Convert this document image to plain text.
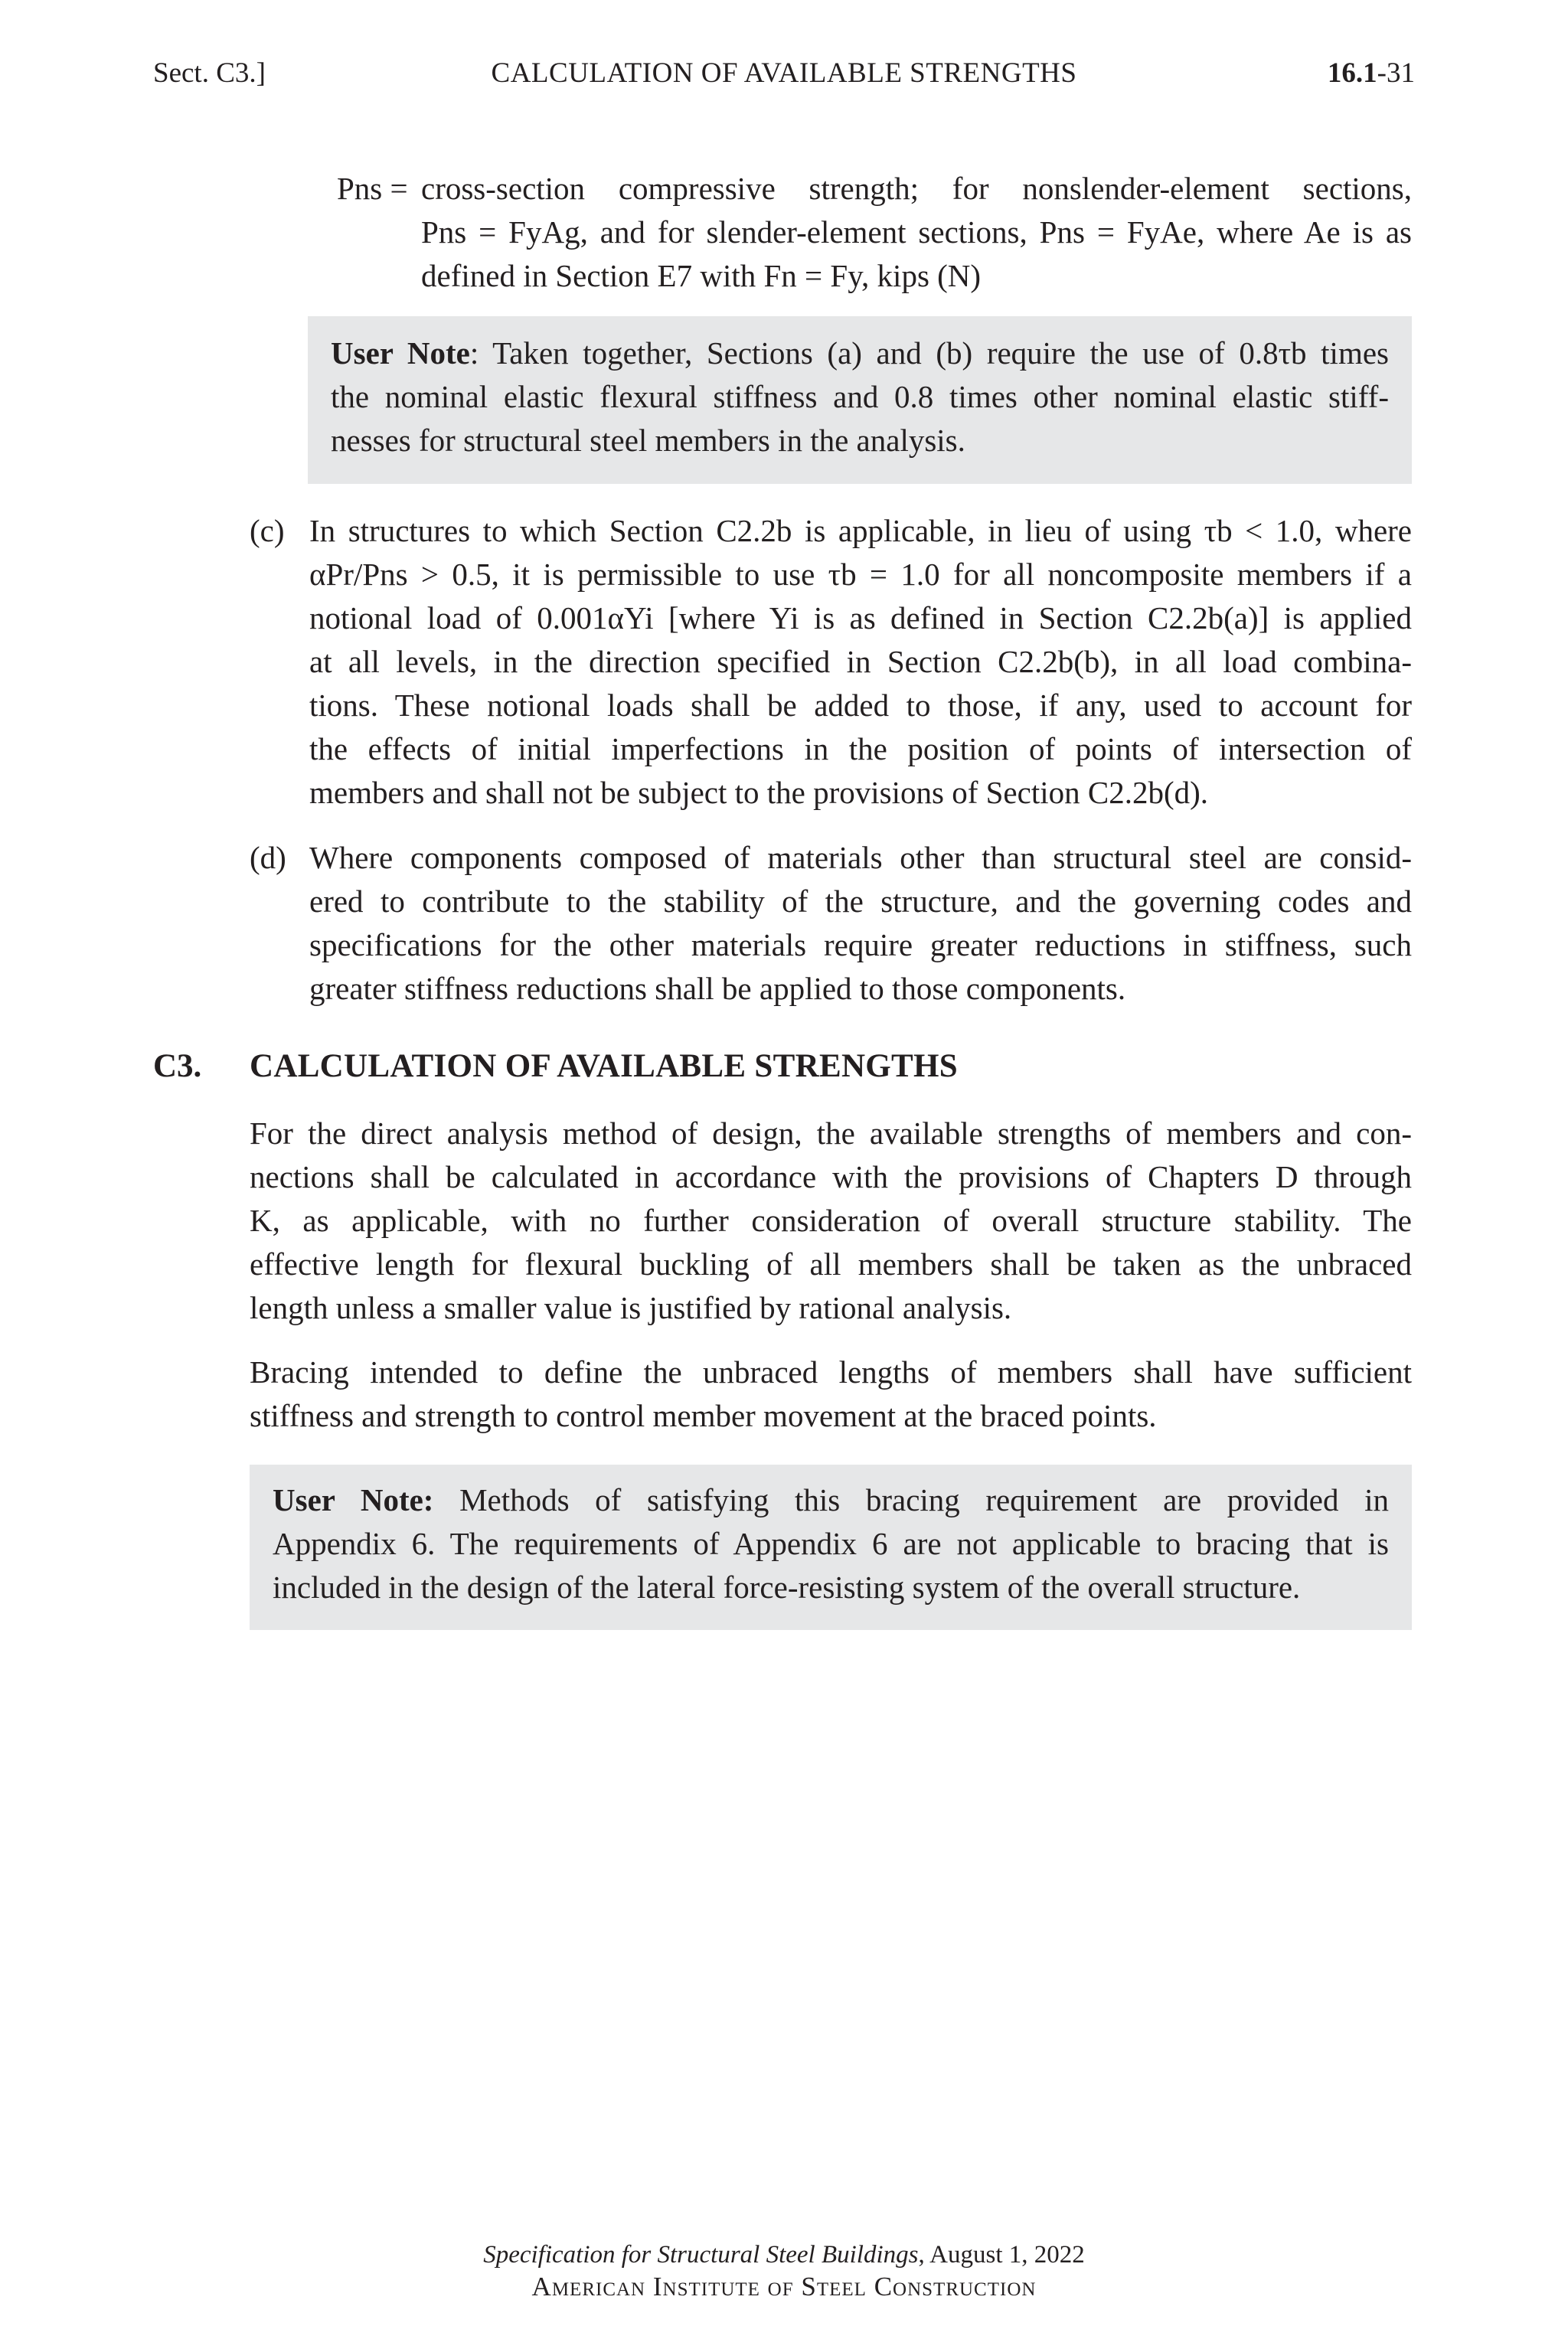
Sect. C3.]	CALCULATION OF AVAILABLE STRENGTHS	16.1-31
Pns = cross-section compressive strength; for nonslender-element sections,
Pns = FyAg, and for slender-element sections, Pns = FyAe, where Ae is as
defined in Section E7 with Fn = Fy, kips (N)
User Note: Taken together, Sections (a) and (b) require the use of 0.8τb times
the nominal elastic flexural stiffness and 0.8 times other nominal elastic stiff-
nesses for structural steel members in the analysis.
(c) In structures to which Section C2.2b is applicable, in lieu of using τb < 1.0, where
αPr/Pns > 0.5, it is permissible to use τb = 1.0 for all noncomposite members if a
notional load of 0.001αYi [where Yi is as defined in Section C2.2b(a)] is applied
at all levels, in the direction specified in Section C2.2b(b), in all load combina-
tions. These notional loads shall be added to those, if any, used to account for
the effects of initial imperfections in the position of points of intersection of
members and shall not be subject to the provisions of Section C2.2b(d).
(d) Where components composed of materials other than structural steel are consid-
ered to contribute to the stability of the structure, and the governing codes and
specifications for the other materials require greater reductions in stiffness, such
greater stiffness reductions shall be applied to those components.
C3. CALCULATION OF AVAILABLE STRENGTHS
For the direct analysis method of design, the available strengths of members and con-
nections shall be calculated in accordance with the provisions of Chapters D through
K, as applicable, with no further consideration of overall structure stability. The
effective length for flexural buckling of all members shall be taken as the unbraced
length unless a smaller value is justified by rational analysis.
Bracing intended to define the unbraced lengths of members shall have sufficient
stiffness and strength to control member movement at the braced points.
User Note: Methods of satisfying this bracing requirement are provided in
Appendix 6. The requirements of Appendix 6 are not applicable to bracing that is
included in the design of the lateral force-resisting system of the overall structure.
Specification for Structural Steel Buildings, August 1, 2022
American Institute of Steel Construction
